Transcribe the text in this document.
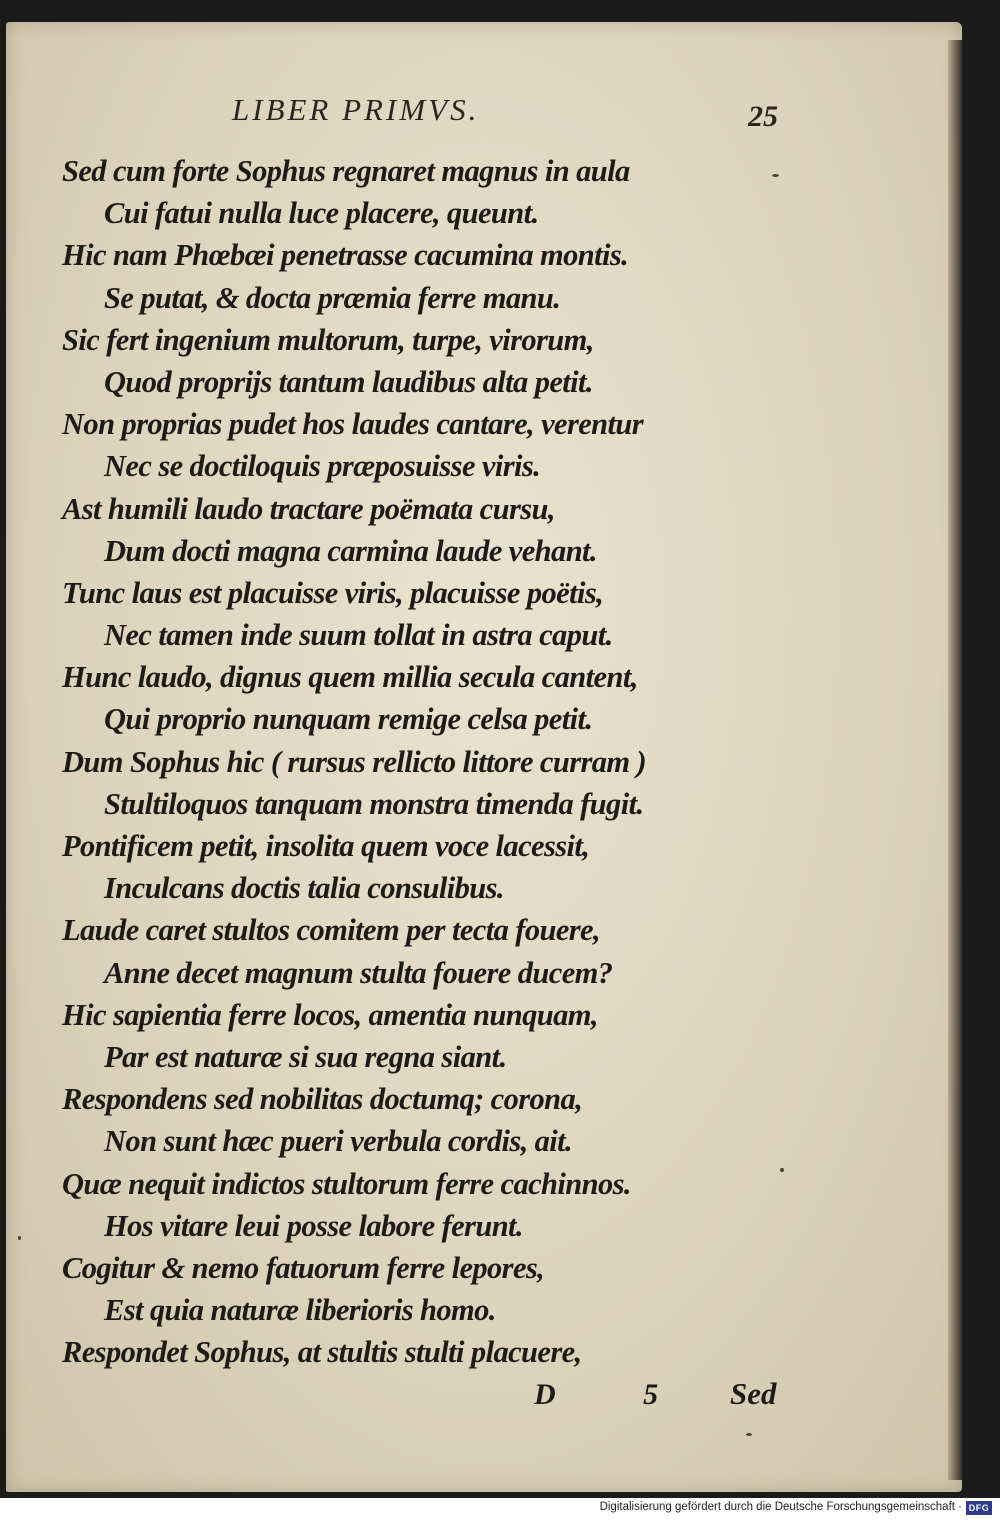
LIBER PRIMVS.	25
Sed cum forte Sophus regnaret magnus in aula
Cui fatui nulla luce placere, queunt.
Hic nam Phœbæi penetrasse cacumina montis.
Se putat, & docta præmia ferre manu.
Sic fert ingenium multorum, turpe, virorum,
Quod proprijs tantum laudibus alta petit.
Non proprias pudet hos laudes cantare, verentur
Nec se doctiloquis præposuisse viris.
Ast humili laudo tractare poëmata cursu,
Dum docti magna carmina laude vehant.
Tunc laus est placuisse viris, placuisse poëtis,
Nec tamen inde suum tollat in astra caput.
Hunc laudo, dignus quem millia secula cantent,
Qui proprio nunquam remige celsa petit.
Dum Sophus hic ( rursus rellicto littore curram )
Stultiloquos tanquam monstra timenda fugit.
Pontificem petit, insolita quem voce lacessit,
Inculcans doctis talia consulibus.
Laude caret stultos comitem per tecta fouere,
Anne decet magnum stulta fouere ducem?
Hic sapientia ferre locos, amentia nunquam,
Par est naturæ si sua regna siant.
Respondens sed nobilitas doctumq; corona,
Non sunt hæc pueri verbula cordis, ait.
Quæ nequit indictos stultorum ferre cachinnos.
Hos vitare leui posse labore ferunt.
Cogitur & nemo fatuorum ferre lepores,
Est quia naturæ liberioris homo.
Respondet Sophus, at stultis stulti placuere,
D 5 Sed
Digitalisierung gefördert durch die Deutsche Forschungsgemeinschaft · DFG
